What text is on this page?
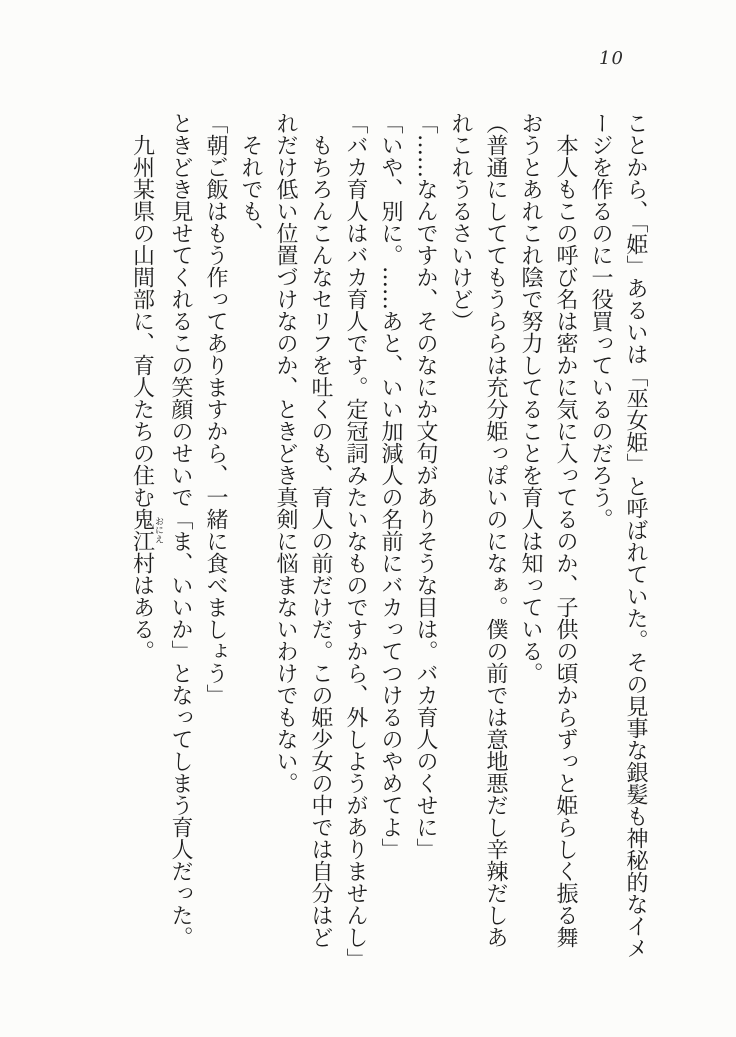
10

ことから、「姫」あるいは「巫女姫」と呼ばれていた。その見事な銀髪も神秘的なイメージを作るのに一役買っているのだろう。

本人もこの呼び名は密かに気に入ってるのか、子供の頃からずっと姫らしく振る舞おうとあれこれ陰で努力してることを育人は知っている。

（普通にしててもうららは充分姫っぽいのになぁ。僕の前では意地悪だし辛辣だしあれこれうるさいけど）

「……なんですか、そのなにか文句がありそうな目は。バカ育人のくせに」

「いや、別に。……あと、いい加減人の名前にバカってつけるのやめてよ」

「バカ育人はバカ育人です。定冠詞みたいなものですから、外しようがありませんし」

もちろんこんなセリフを吐くのも、育人の前だけだ。この姫少女の中では自分はどれだけ低い位置づけなのか、ときどき真剣に悩まないわけでもない。

それでも、

「朝ご飯はもう作ってありますから、一緒に食べましょう」

ときどき見せてくれるこの笑顔のせいで「ま、いいか」となってしまう育人だった。

九州某県の山間部に、育人たちの住む鬼江おにえ村はある。
